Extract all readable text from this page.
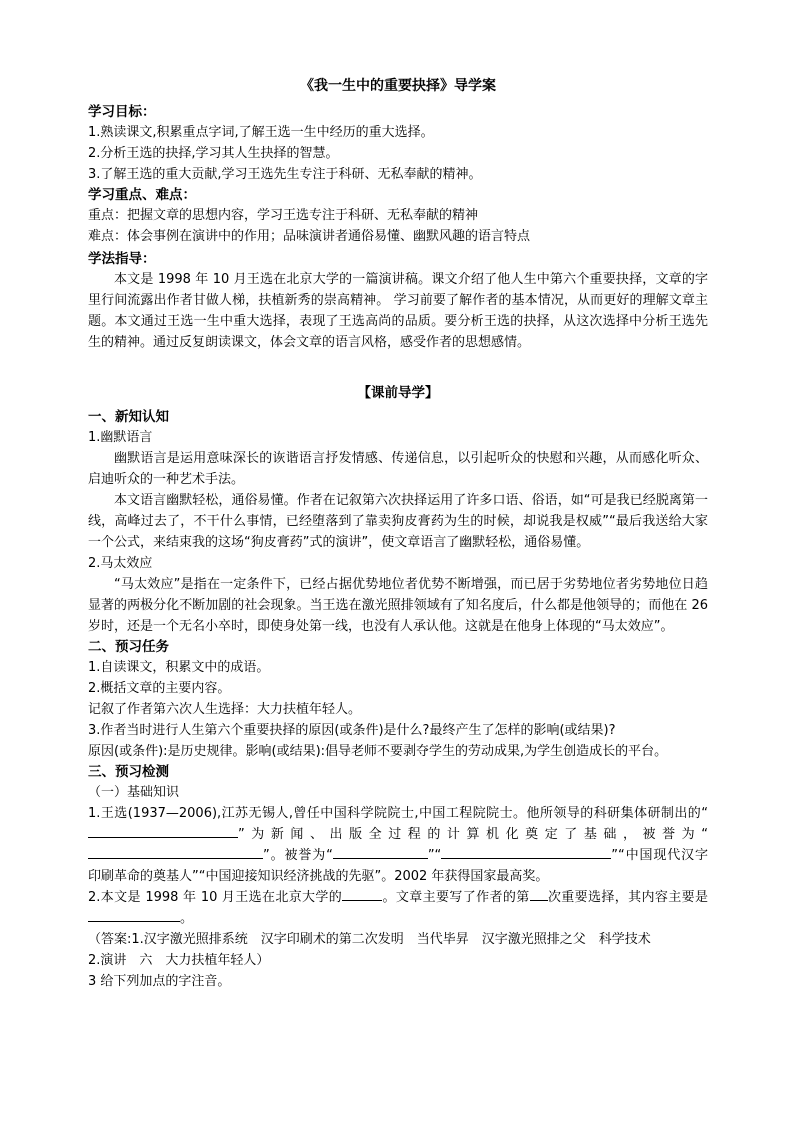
《我一生中的重要抉择》导学案

学习目标：

1.熟读课文,积累重点字词,了解王选一生中经历的重大选择。

2.分析王选的抉择,学习其人生抉择的智慧。

3.了解王选的重大贡献,学习王选先生专注于科研、无私奉献的精神。

学习重点、难点：

重点：把握文章的思想内容，学习王选专注于科研、无私奉献的精神

难点：体会事例在演讲中的作用；品味演讲者通俗易懂、幽默风趣的语言特点

学法指导：

本文是 1998 年 10 月王选在北京大学的一篇演讲稿。课文介绍了他人生中第六个重要抉择，文章的字里行间流露出作者甘做人梯，扶植新秀的崇高精神。 学习前要了解作者的基本情况，从而更好的理解文章主题。本文通过王选一生中重大选择，表现了王选高尚的品质。要分析王选的抉择，从这次选择中分析王选先生的精神。通过反复朗读课文，体会文章的语言风格，感受作者的思想感情。

【课前导学】

一、新知认知

1.幽默语言

幽默语言是运用意味深长的诙谐语言抒发情感、传递信息，以引起听众的快慰和兴趣，从而感化听众、启迪听众的一种艺术手法。

本文语言幽默轻松，通俗易懂。作者在记叙第六次抉择运用了许多口语、俗语，如“可是我已经脱离第一线，高峰过去了，不干什么事情，已经堕落到了靠卖狗皮膏药为生的时候，却说我是权威”“最后我送给大家一个公式，来结束我的这场“狗皮膏药”式的演讲”，使文章语言了幽默轻松，通俗易懂。

2.马太效应

“马太效应”是指在一定条件下，已经占据优势地位者优势不断增强，而已居于劣势地位者劣势地位日趋显著的两极分化不断加剧的社会现象。当王选在激光照排领域有了知名度后，什么都是他领导的；而他在 26 岁时，还是一个无名小卒时，即使身处第一线，也没有人承认他。这就是在他身上体现的“马太效应”。

二、预习任务

1.自读课文，积累文中的成语。

2.概括文章的主要内容。

记叙了作者第六次人生选择：大力扶植年轻人。

3.作者当时进行人生第六个重要抉择的原因(或条件)是什么?最终产生了怎样的影响(或结果)?

原因(或条件):是历史规律。影响(或结果):倡导老师不要剥夺学生的劳动成果,为学生创造成长的平台。

三、预习检测

（一）基础知识

1.王选(1937—2006),江苏无锡人,曾任中国科学院院士,中国工程院院士。他所领导的科研集体研制出的“”为新闻、出版全过程的计算机化奠定了基础，被誉为“”。被誉为“	”“	”“中国现代汉字印刷革命的奠基人”“中国迎接知识经济挑战的先驱”。2002 年获得国家最高奖。

2.本文是 1998 年 10 月王选在北京大学的	。文章主要写了作者的第 次重要选择，其内容主要是。

（答案:1.汉字激光照排系统　汉字印刷术的第二次发明　当代毕昇　汉字激光照排之父　科学技术

2.演讲　六　大力扶植年轻人）

3 给下列加点的字注音。
